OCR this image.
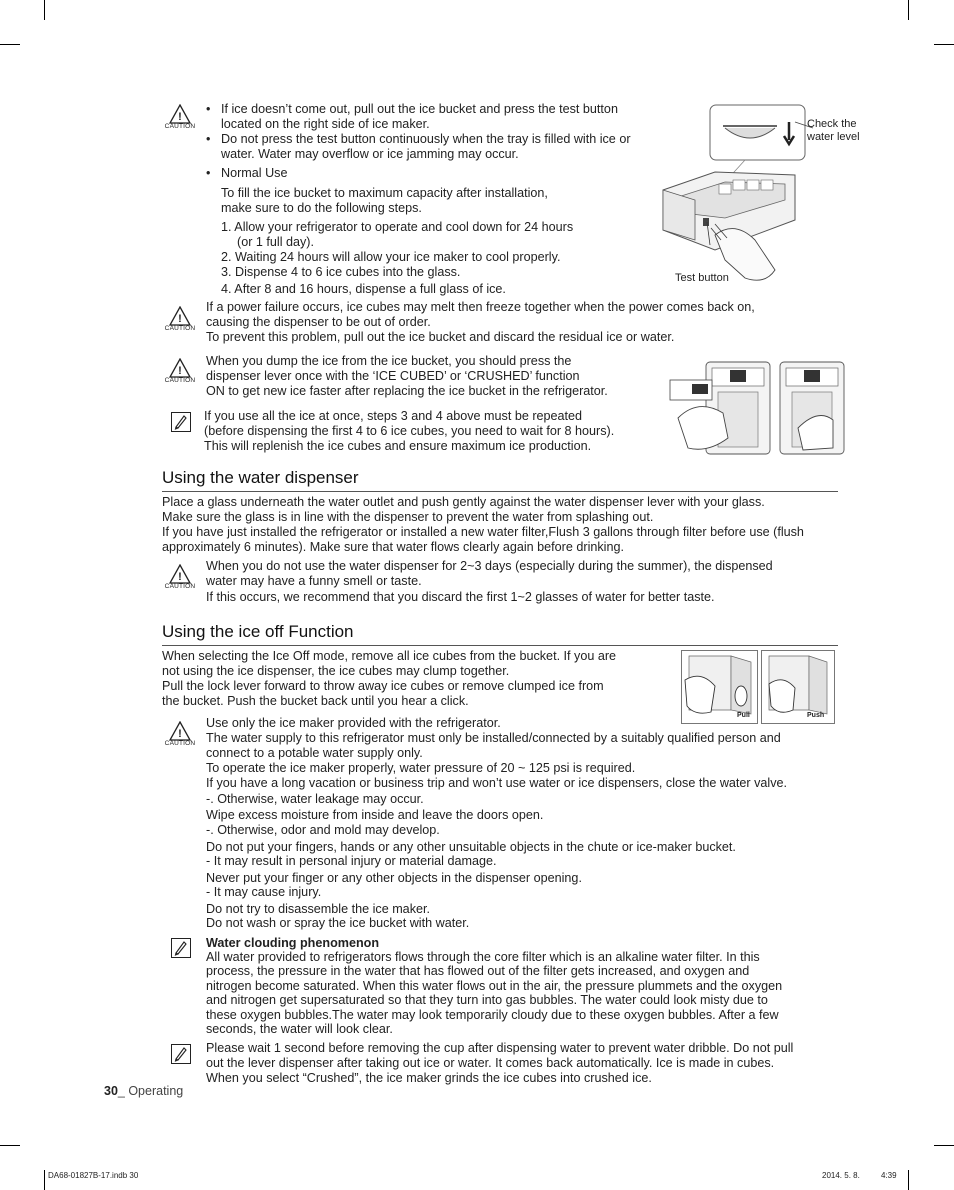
!
CAUTION
• If ice doesn’t come out, pull out the ice bucket and press the test button
located on the right side of ice maker.
• Do not press the test button continuously when the tray is filled with ice or
water. Water may overflow or ice jamming may occur.
• Normal Use
To fill the ice bucket to maximum capacity after installation,
make sure to do the following steps.
1. Allow your refrigerator to operate and cool down for 24 hours
(or 1 full day).
2. Waiting 24 hours will allow your ice maker to cool properly.
3. Dispense 4 to 6 ice cubes into the glass.
4. After 8 and 16 hours, dispense a full glass of ice.
Check the
water level
Test button
!
CAUTION
If a power failure occurs, ice cubes may melt then freeze together when the power comes back on,
causing the dispenser to be out of order.
To prevent this problem, pull out the ice bucket and discard the residual ice or water.
!
CAUTION
When you dump the ice from the ice bucket, you should press the
dispenser lever once with the ‘ICE CUBED’ or ‘CRUSHED’ function
ON to get new ice faster after replacing the ice bucket in the refrigerator.
If you use all the ice at once, steps 3 and 4 above must be repeated
(before dispensing the first 4 to 6 ice cubes, you need to wait for 8 hours).
This will replenish the ice cubes and ensure maximum ice production.
Using the water dispenser
Place a glass underneath the water outlet and push gently against the water dispenser lever with your glass.
Make sure the glass is in line with the dispenser to prevent the water from splashing out.
If you have just installed the refrigerator or installed a new water filter,Flush 3 gallons through filter before use (flush
approximately 6 minutes). Make sure that water flows clearly again before drinking.
!
CAUTION
When you do not use the water dispenser for 2~3 days (especially during the summer), the dispensed
water may have a funny smell or taste.
If this occurs, we recommend that you discard the first 1~2 glasses of water for better taste.
Using the ice off Function
When selecting the Ice Off mode, remove all ice cubes from the bucket. If you are
not using the ice dispenser, the ice cubes may clump together.
Pull the lock lever forward to throw away ice cubes or remove clumped ice from
the bucket. Push the bucket back until you hear a click.
Pull	Push
!
CAUTION
Use only the ice maker provided with the refrigerator.
The water supply to this refrigerator must only be installed/connected by a suitably qualified person and
connect to a potable water supply only.
To operate the ice maker properly, water pressure of 20 ~ 125 psi is required.
If you have a long vacation or business trip and won’t use water or ice dispensers, close the water valve.
-. Otherwise, water leakage may occur.
Wipe excess moisture from inside and leave the doors open.
-. Otherwise, odor and mold may develop.
Do not put your fingers, hands or any other unsuitable objects in the chute or ice-maker bucket.
- It may result in personal injury or material damage.
Never put your finger or any other objects in the dispenser opening.
- It may cause injury.
Do not try to disassemble the ice maker.
Do not wash or spray the ice bucket with water.
Water clouding phenomenon
All water provided to refrigerators flows through the core filter which is an alkaline water filter. In this
process, the pressure in the water that has flowed out of the filter gets increased, and oxygen and
nitrogen become saturated. When this water flows out in the air, the pressure plummets and the oxygen
and nitrogen get supersaturated so that they turn into gas bubbles. The water could look misty due to
these oxygen bubbles.The water may look temporarily cloudy due to these oxygen bubbles. After a few
seconds, the water will look clear.
Please wait 1 second before removing the cup after dispensing water to prevent water dribble. Do not pull
out the lever dispenser after taking out ice or water. It comes back automatically. Ice is made in cubes.
When you select “Crushed”, the ice maker grinds the ice cubes into crushed ice.
30_ Operating
DA68-01827B-17.indb 30	2014. 5. 8.	4:39
